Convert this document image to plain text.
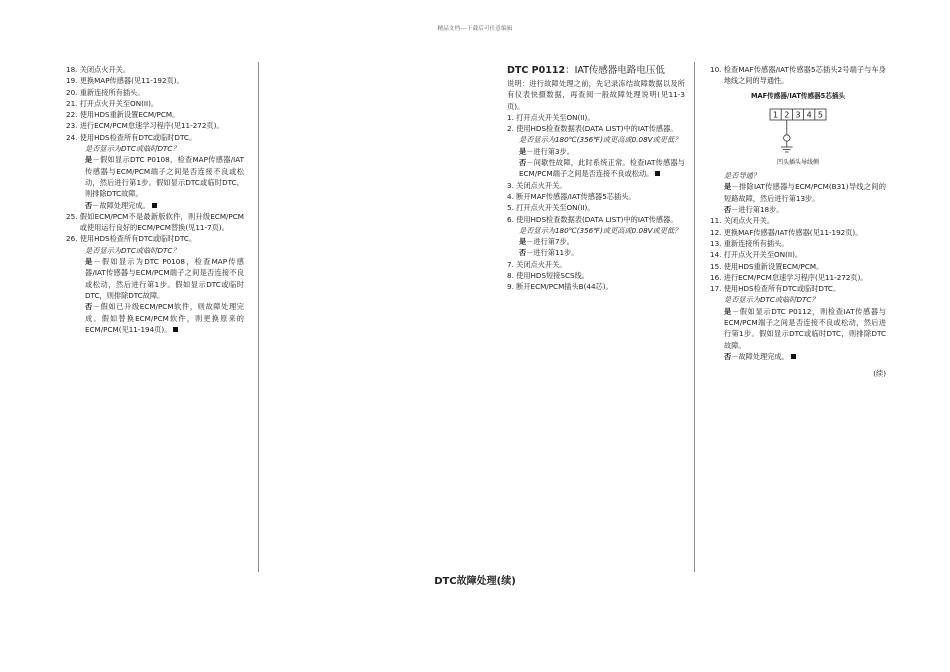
精品文档---下载后可任意编辑
18. 关闭点火开关。
19. 更换MAP传感器(见11-192页)。
20. 重新连接所有插头。
21. 打开点火开关至ON(II)。
22. 使用HDS重新设置ECM/PCM。
23. 进行ECM/PCM怠速学习程序(见11-272页)。
24. 使用HDS检查所有DTC或临时DTC。
是否显示为DTC或临时DTC？
是－假如显示DTC P0108，检查MAP传感器/IAT传感器与ECM/PCM端子之间是否连接不良或松动，然后进行第1步。假如显示DTC或临时DTC，则排除DTC故障。
否－故障处理完成。
25. 假如ECM/PCM不是最新版软件，则升级ECM/PCM或使用运行良好的ECM/PCM替换(见11-7页)。
26. 使用HDS检查所有DTC或临时DTC。
是否显示为DTC或临时DTC？
是－假如显示为DTC P0108，检查MAP传感器/IAT传感器与ECM/PCM端子之间是否连接不良或松动，然后进行第1步。假如显示DTC或临时DTC，则排除DTC故障。
否－假如已升级ECM/PCM软件，则故障处理完成。假如替换ECM/PCM软件，则更换原来的ECM/PCM(见11-194页)。
DTC P0112：IAT传感器电路电压低
说明：进行故障处理之前，先记录冻结故障数据以及所有仪表快摄数据，再查阅一般故障处理说明(见11-3页)。
1. 打开点火开关至ON(II)。
2. 使用HDS检查数据表(DATA LIST)中的IAT传感器。
是否显示为180℃(356℉)或更高或0.08V或更低？
是－进行第3步。
否－间歇性故障，此时系统正常。检查IAT传感器与ECM/PCM端子之间是否连接不良或松动。
3. 关闭点火开关。
4. 断开MAF传感器/IAT传感器5芯插头。
5. 打开点火开关至ON(II)。
6. 使用HDS检查数据表(DATA LIST)中的IAT传感器。
是否显示为180℃(356℉)或更高或0.08V或更低？
是－进行第7步。
否－进行第11步。
7. 关闭点火开关。
8. 使用HDS短接SCS线。
9. 断开ECM/PCM插头B(44芯)。
10. 检查MAF传感器/IAT传感器5芯插头2号端子与车身地线之间的导通性。
MAF传感器/IAT传感器5芯插头
1 2 3 4 5
凹头插头导线侧
是否导通？
是－排除IAT传感器与ECM/PCM(B31)导线之间的短路故障，然后进行第13步。
否－进行第18步。
11. 关闭点火开关。
12. 更换MAF传感器/IAT传感器(见11-192页)。
13. 重新连接所有插头。
14. 打开点火开关至ON(II)。
15. 使用HDS重新设置ECM/PCM。
16. 进行ECM/PCM怠速学习程序(见11-272页)。
17. 使用HDS检查所有DTC或临时DTC。
是否显示为DTC或临时DTC？
是－假如显示DTC P0112，则检查IAT传感器与ECM/PCM端子之间是否连接不良或松动，然后进行第1步。假如显示DTC或临时DTC，则排除DTC故障。
否－故障处理完成。
(续)
DTC故障处理(续)
